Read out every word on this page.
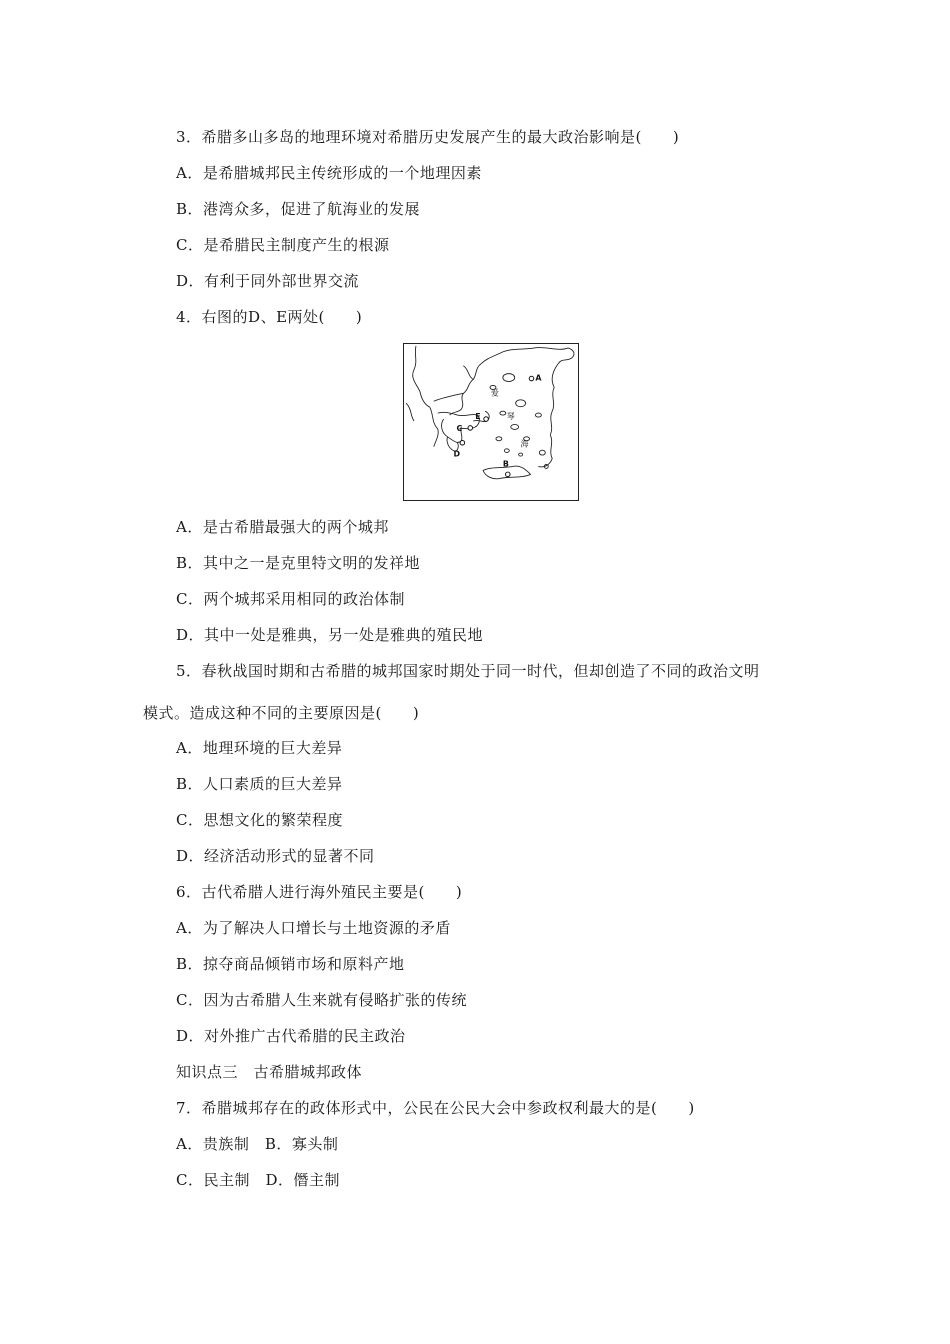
3．希腊多山多岛的地理环境对希腊历史发展产生的最大政治影响是(　　)
A．是希腊城邦民主传统形成的一个地理因素
B．港湾众多，促进了航海业的发展
C．是希腊民主制度产生的根源
D．有利于同外部世界交流
4．右图的D、E两处(　　)
A
B
C
D
E
爱
琴
海
A．是古希腊最强大的两个城邦
B．其中之一是克里特文明的发祥地
C．两个城邦采用相同的政治体制
D．其中一处是雅典，另一处是雅典的殖民地
5．春秋战国时期和古希腊的城邦国家时期处于同一时代，但却创造了不同的政治文明
模式。造成这种不同的主要原因是(　　)
A．地理环境的巨大差异
B．人口素质的巨大差异
C．思想文化的繁荣程度
D．经济活动形式的显著不同
6．古代希腊人进行海外殖民主要是(　　)
A．为了解决人口增长与土地资源的矛盾
B．掠夺商品倾销市场和原料产地
C．因为古希腊人生来就有侵略扩张的传统
D．对外推广古代希腊的民主政治
知识点三　古希腊城邦政体
7．希腊城邦存在的政体形式中，公民在公民大会中参政权利最大的是(　　)
A．贵族制　B．寡头制
C．民主制　D．僭主制
